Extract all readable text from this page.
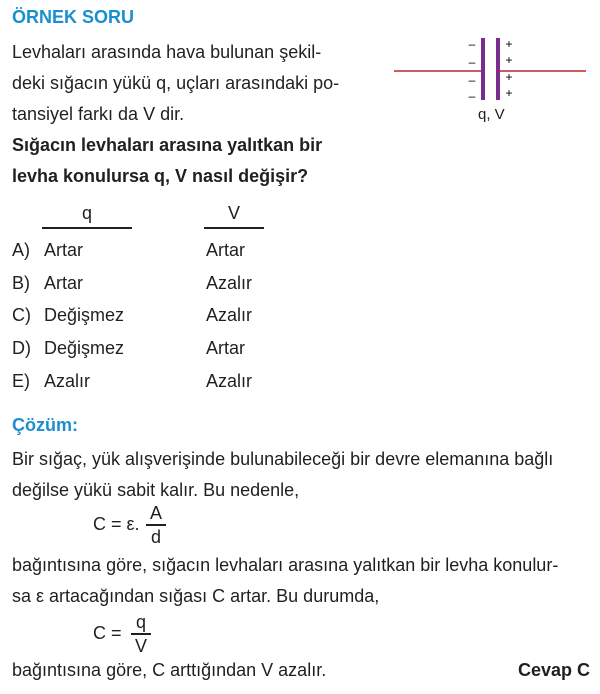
ÖRNEK SORU
Levhaları arasında hava bulunan şekil-
deki sığacın yükü q, uçları arasındaki po-
tansiyel farkı da V dir.
Sığacın levhaları arasına yalıtkan bir
levha konulursa q, V nasıl değişir?
–
–
–
–
+
+
+
+
q, V
q	V
A) Artar	Artar
B) Artar	Azalır
C) Değişmez	Azalır
D) Değişmez	Artar
E) Azalır	Azalır
Çözüm:
Bir sığaç, yük alışverişinde bulunabileceği bir devre elemanına bağlı
değilse yükü sabit kalır. Bu nedenle,
C = ε.
A
d
bağıntısına göre, sığacın levhaları arasına yalıtkan bir levha konulur-
sa ε artacağından sığası C artar. Bu durumda,
C =
q
V
bağıntısına göre, C arttığından V azalır.	Cevap C
